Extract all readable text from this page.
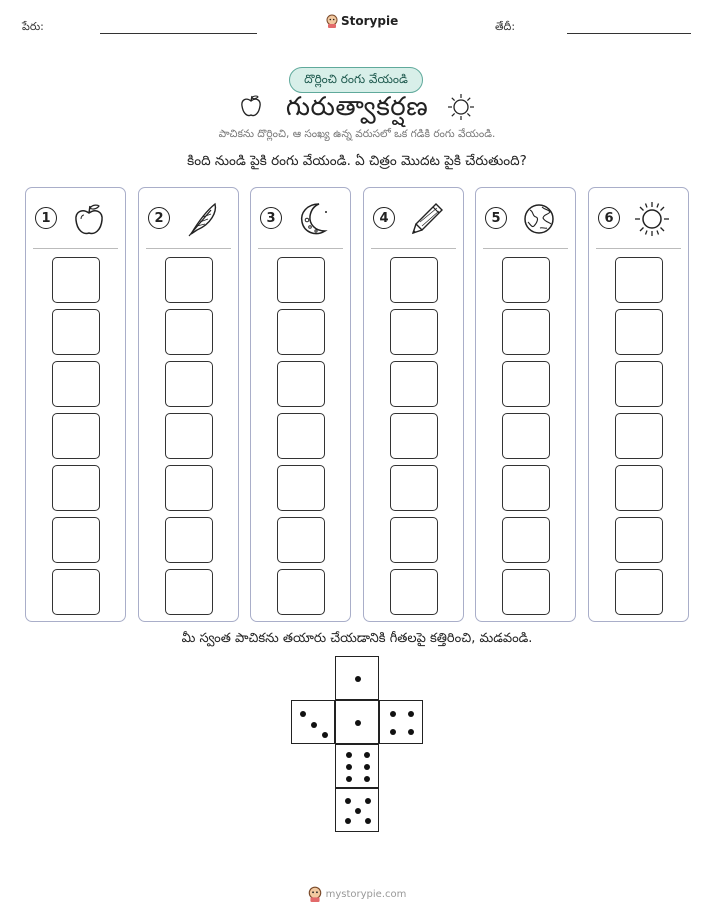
పేరు:	Storypie	తేదీ:
దొర్లించి రంగు వేయండి
గురుత్వాకర్షణ
పాచికను దొర్లించి, ఆ సంఖ్య ఉన్న వరుసలో ఒక గడికి రంగు వేయండి.
కింది నుండి పైకి రంగు వేయండి. ఏ చిత్రం మొదట పైకి చేరుతుంది?
1	2	3	4	5	6
మీ స్వంత పాచికను తయారు చేయడానికి గీతలపై కత్తిరించి, మడవండి.
mystorypie.com
